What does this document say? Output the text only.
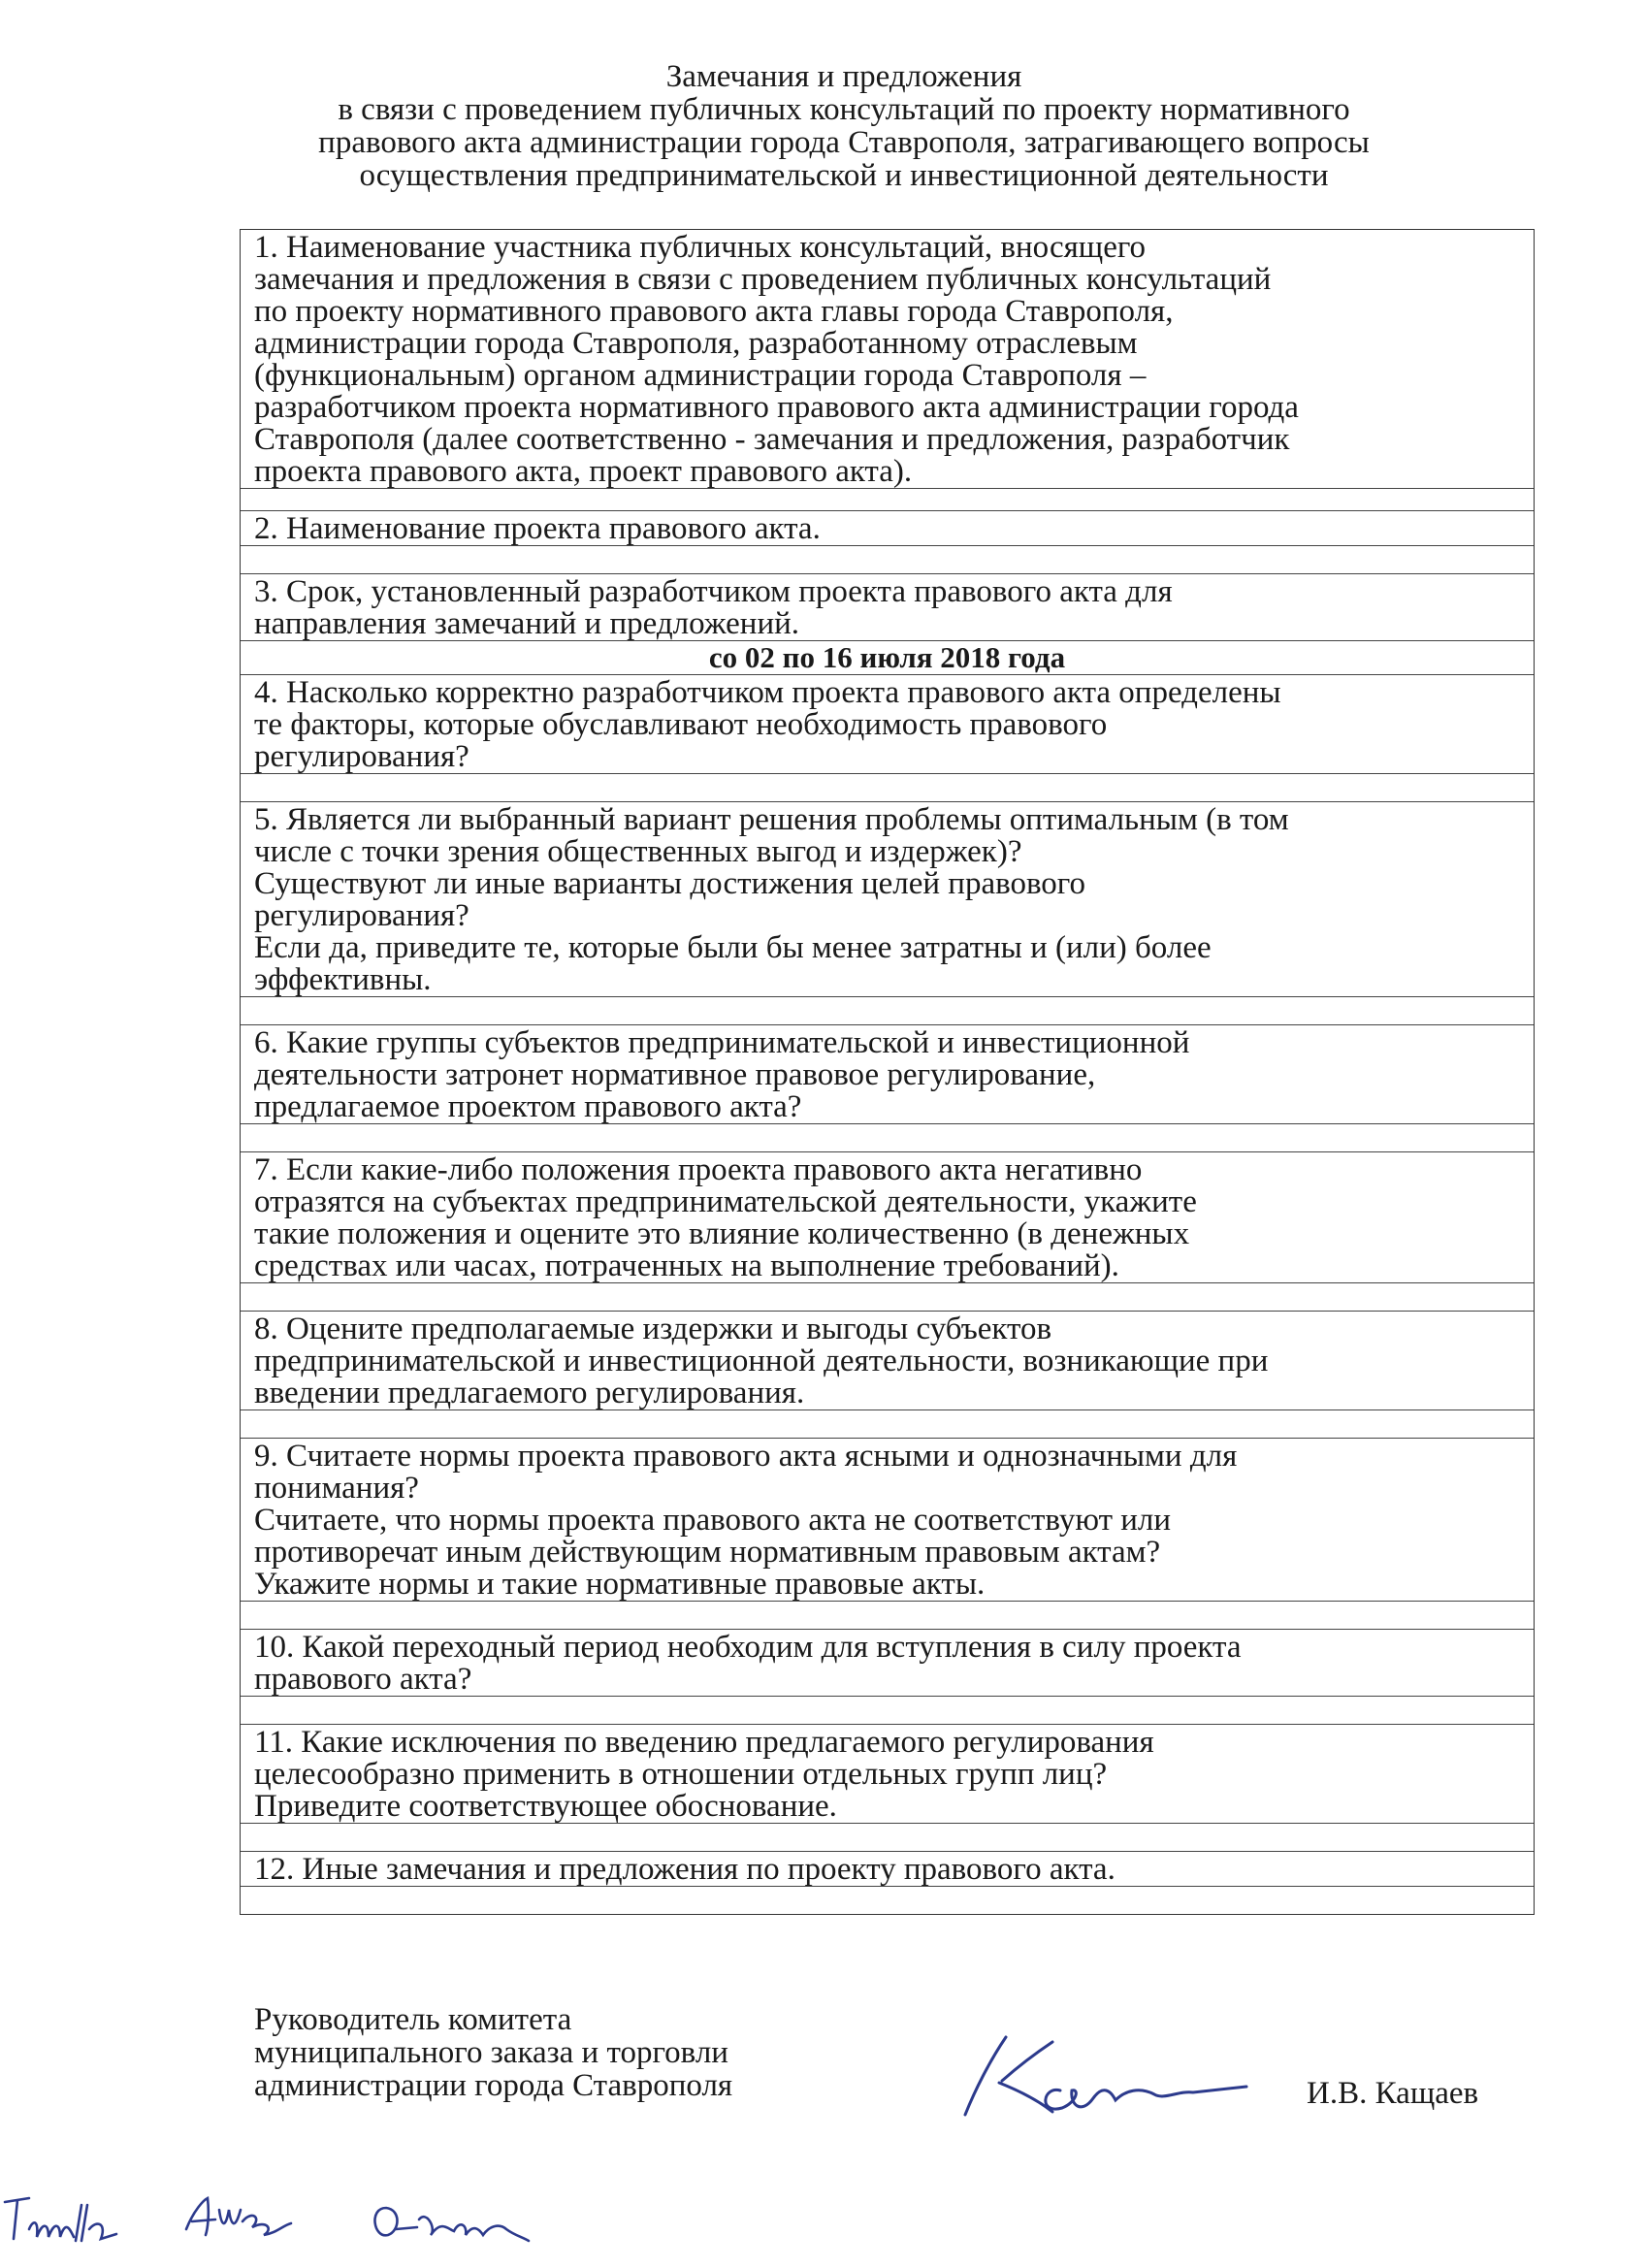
Замечания и предложения
в связи с проведением публичных консультаций по проекту нормативного
правового акта администрации города Ставрополя, затрагивающего вопросы
осуществления предпринимательской и инвестиционной деятельности
1. Наименование участника публичных консультаций, вносящего
замечания и предложения в связи с проведением публичных консультаций
по проекту нормативного правового акта главы города Ставрополя,
администрации города Ставрополя, разработанному отраслевым
(функциональным) органом администрации города Ставрополя –
разработчиком проекта нормативного правового акта администрации города
Ставрополя (далее соответственно - замечания и предложения, разработчик
проекта правового акта, проект правового акта).
2. Наименование проекта правового акта.
3. Срок, установленный разработчиком проекта правового акта для
направления замечаний и предложений.
со 02 по 16 июля 2018 года
4. Насколько корректно разработчиком проекта правового акта определены
те факторы, которые обуславливают необходимость правового
регулирования?
5. Является ли выбранный вариант решения проблемы оптимальным (в том
числе с точки зрения общественных выгод и издержек)?
Существуют ли иные варианты достижения целей правового
регулирования?
Если да, приведите те, которые были бы менее затратны и (или) более
эффективны.
6. Какие группы субъектов предпринимательской и инвестиционной
деятельности затронет нормативное правовое регулирование,
предлагаемое проектом правового акта?
7. Если какие-либо положения проекта правового акта негативно
отразятся на субъектах предпринимательской деятельности, укажите
такие положения и оцените это влияние количественно (в денежных
средствах или часах, потраченных на выполнение требований).
8. Оцените предполагаемые издержки и выгоды субъектов
предпринимательской и инвестиционной деятельности, возникающие при
введении предлагаемого регулирования.
9. Считаете нормы проекта правового акта ясными и однозначными для
понимания?
Считаете, что нормы проекта правового акта не соответствуют или
противоречат иным действующим нормативным правовым актам?
Укажите нормы и такие нормативные правовые акты.
10. Какой переходный период необходим для вступления в силу проекта
правового акта?
11. Какие исключения по введению предлагаемого регулирования
целесообразно применить в отношении отдельных групп лиц?
Приведите соответствующее обоснование.
12. Иные замечания и предложения по проекту правового акта.
Руководитель комитета
муниципального заказа и торговли
администрации города Ставрополя	И.В. Кащаев
